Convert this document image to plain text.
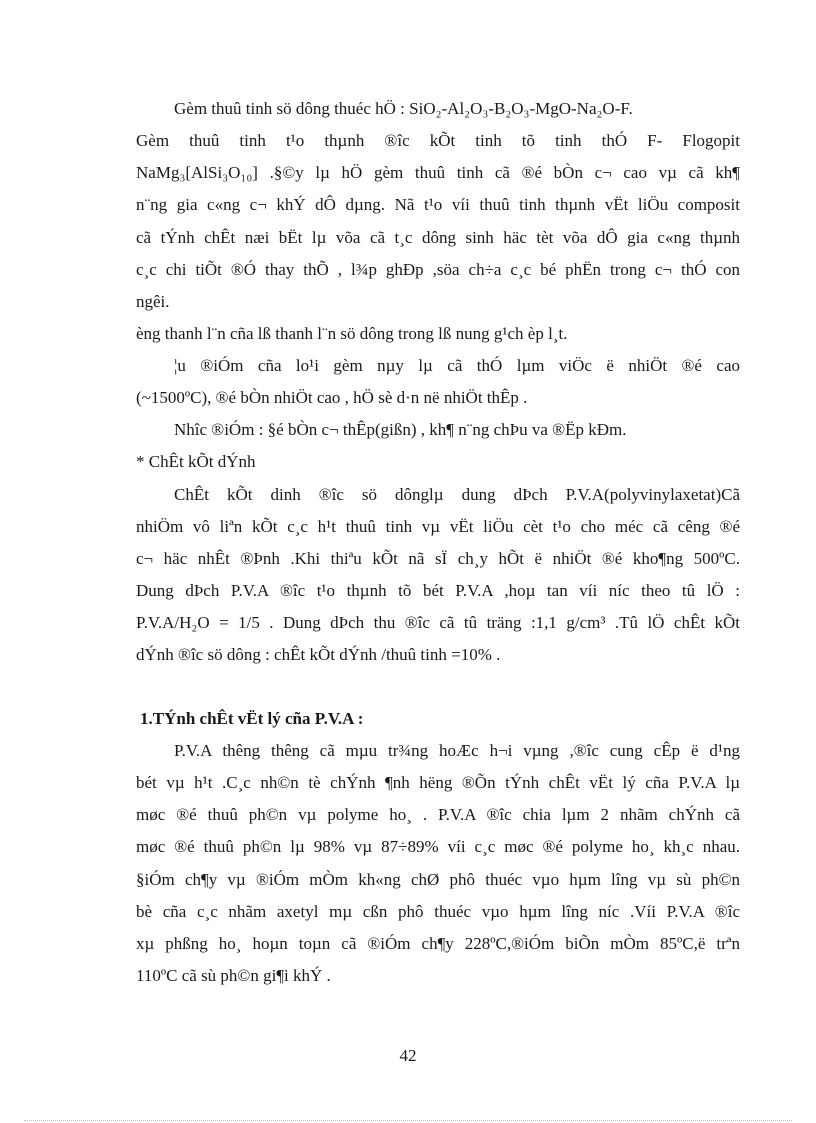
Gèm thuû tinh sö dông thuéc hÖ : SiO₂-Al₂O₃-B₂O₃-MgO-Na₂O-F.
Gèm thuû tinh t¹o thµnh ®îc kÕt tinh tõ tinh thÓ F- Flogopit
NaMg₃[AlSi₃O₁₀] .§©y lµ hÖ gèm thuû tinh cã ®é bÒn c¬ cao vµ cã kh¶
n¨ng gia c«ng c¬ khÝ dÔ dµng. Nã t¹o víi thuû tinh thµnh vËt liÖu composit
cã tÝnh chÊt næi bËt lµ võa cã t¸c dông sinh häc tèt võa dÔ gia c«ng thµnh
c¸c chi tiÕt ®Ó thay thÕ , l¾p ghÐp ,söa ch÷a c¸c bé phËn trong c¬ thÓ con
ngêi.
èng thanh l¨n cña lß thanh l¨n sö dông trong lß nung g¹ch èp l¸t.
¦u ®iÓm cña lo¹i gèm nµy lµ cã thÓ lµm viÖc ë nhiÖt ®é cao
(~1500ºC), ®é bÒn nhiÖt cao , hÖ sè d·n në nhiÖt thÊp .
Nhîc ®iÓm : §é bÒn c¬ thÊp(gißn) , kh¶ n¨ng chÞu va ®Ëp kÐm.
* ChÊt kÕt dÝnh
ChÊt kÕt dinh ®îc sö dônglµ dung dÞch P.V.A(polyvinylaxetat)Cã
nhiÖm vô liªn kÕt c¸c h¹t thuû tinh vµ vËt liÖu cèt t¹o cho méc cã cêng ®é
c¬ häc nhÊt ®Þnh .Khi thiªu kÕt nã sÏ ch¸y hÕt ë nhiÖt ®é kho¶ng 500ºC.
Dung dÞch P.V.A ®îc t¹o thµnh tõ bét P.V.A ,hoµ tan víi níc theo tû lÖ :
P.V.A/H₂O = 1/5 . Dung dÞch thu ®îc cã tû träng :1,1 g/cm³ .Tû lÖ chÊt kÕt
dÝnh ®îc sö dông : chÊt kÕt dÝnh /thuû tinh =10% .
1.TÝnh chÊt vËt lý cña P.V.A :
P.V.A thêng thêng cã mµu tr¾ng hoÆc h¬i vµng ,®îc cung cÊp ë d¹ng
bét vµ h¹t .C¸c nh©n tè chÝnh ¶nh hëng ®Õn tÝnh chÊt vËt lý cña P.V.A lµ
møc ®é thuû ph©n vµ polyme ho¸ . P.V.A ®îc chia lµm 2 nhãm chÝnh cã
møc ®é thuû ph©n lµ 98% vµ 87÷89% víi c¸c møc ®é polyme ho¸ kh¸c nhau.
§iÓm ch¶y vµ ®iÓm mÒm kh«ng chØ phô thuéc vµo hµm lîng vµ sù ph©n
bè cña c¸c nhãm axetyl mµ cßn phô thuéc vµo hµm lîng níc .Víi P.V.A ®îc
xµ phßng ho¸ hoµn toµn cã ®iÓm ch¶y 228ºC,®iÓm biÕn mÒm 85ºC,ë trªn
110ºC cã sù ph©n gi¶i khÝ .
42
